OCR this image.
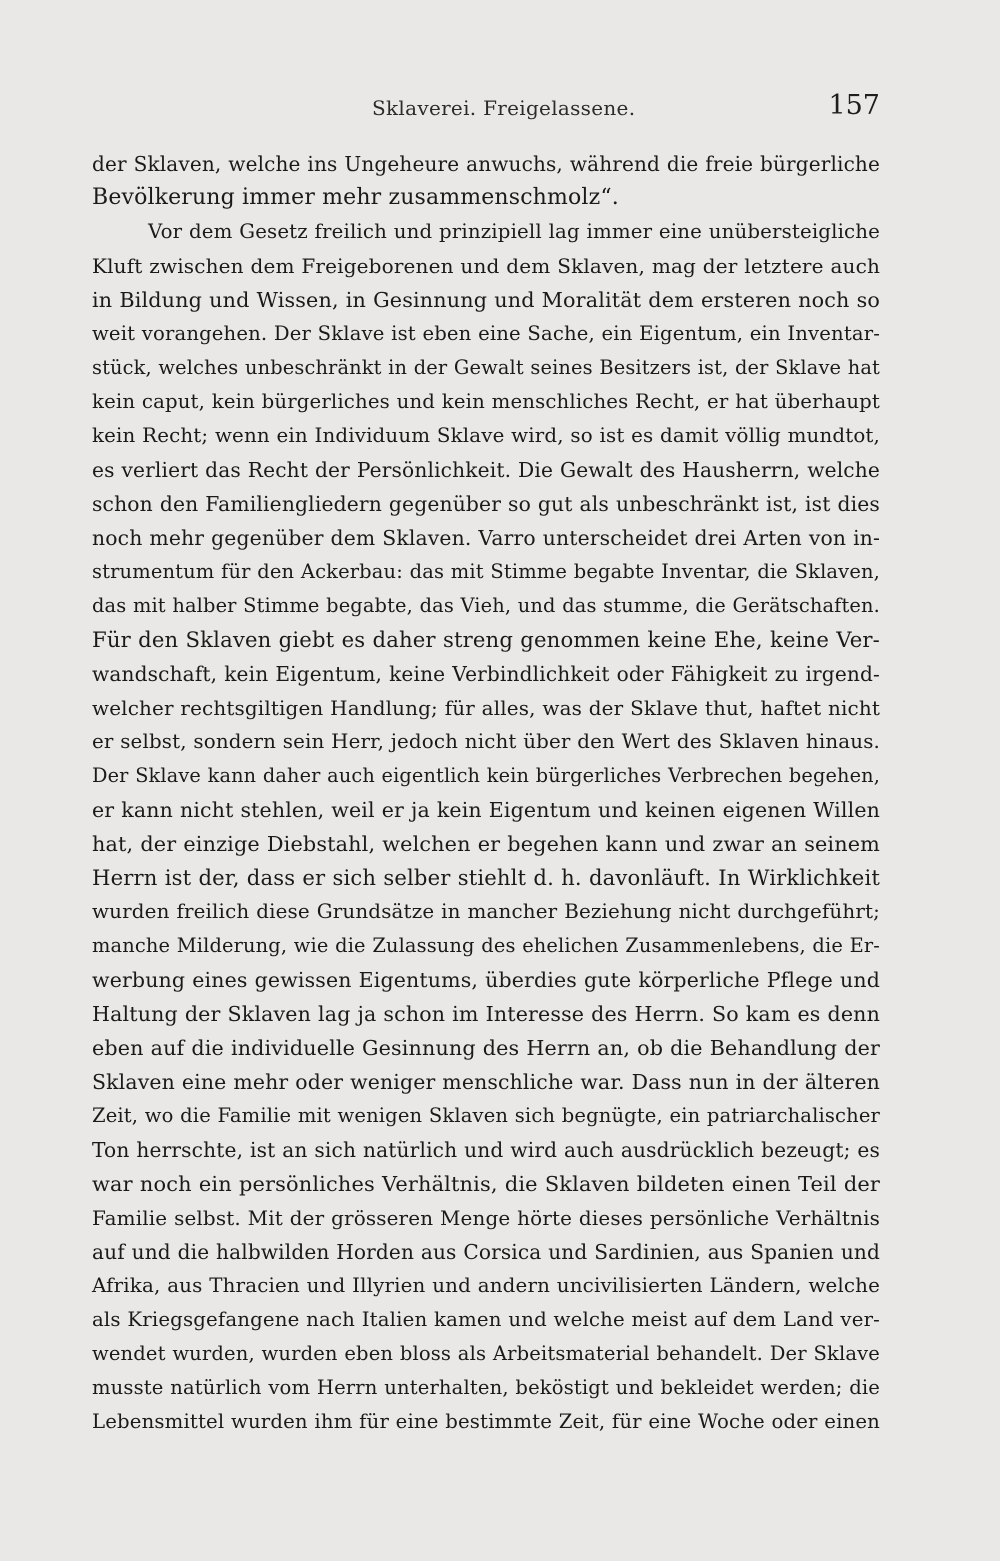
Sklaverei. Freigelassene.	157
der Sklaven, welche ins Ungeheure anwuchs, während die freie bürgerliche
Bevölkerung immer mehr zusammenschmolz“.
Vor dem Gesetz freilich und prinzipiell lag immer eine unübersteigliche
Kluft zwischen dem Freigeborenen und dem Sklaven, mag der letztere auch
in Bildung und Wissen, in Gesinnung und Moralität dem ersteren noch so
weit vorangehen. Der Sklave ist eben eine Sache, ein Eigentum, ein Inventar-
stück, welches unbeschränkt in der Gewalt seines Besitzers ist, der Sklave hat
kein caput, kein bürgerliches und kein menschliches Recht, er hat überhaupt
kein Recht; wenn ein Individuum Sklave wird, so ist es damit völlig mundtot,
es verliert das Recht der Persönlichkeit. Die Gewalt des Hausherrn, welche
schon den Familiengliedern gegenüber so gut als unbeschränkt ist, ist dies
noch mehr gegenüber dem Sklaven. Varro unterscheidet drei Arten von in-
strumentum für den Ackerbau: das mit Stimme begabte Inventar, die Sklaven,
das mit halber Stimme begabte, das Vieh, und das stumme, die Gerätschaften.
Für den Sklaven giebt es daher streng genommen keine Ehe, keine Ver-
wandschaft, kein Eigentum, keine Verbindlichkeit oder Fähigkeit zu irgend-
welcher rechtsgiltigen Handlung; für alles, was der Sklave thut, haftet nicht
er selbst, sondern sein Herr, jedoch nicht über den Wert des Sklaven hinaus.
Der Sklave kann daher auch eigentlich kein bürgerliches Verbrechen begehen,
er kann nicht stehlen, weil er ja kein Eigentum und keinen eigenen Willen
hat, der einzige Diebstahl, welchen er begehen kann und zwar an seinem
Herrn ist der, dass er sich selber stiehlt d. h. davonläuft. In Wirklichkeit
wurden freilich diese Grundsätze in mancher Beziehung nicht durchgeführt;
manche Milderung, wie die Zulassung des ehelichen Zusammenlebens, die Er-
werbung eines gewissen Eigentums, überdies gute körperliche Pflege und
Haltung der Sklaven lag ja schon im Interesse des Herrn. So kam es denn
eben auf die individuelle Gesinnung des Herrn an, ob die Behandlung der
Sklaven eine mehr oder weniger menschliche war. Dass nun in der älteren
Zeit, wo die Familie mit wenigen Sklaven sich begnügte, ein patriarchalischer
Ton herrschte, ist an sich natürlich und wird auch ausdrücklich bezeugt; es
war noch ein persönliches Verhältnis, die Sklaven bildeten einen Teil der
Familie selbst. Mit der grösseren Menge hörte dieses persönliche Verhältnis
auf und die halbwilden Horden aus Corsica und Sardinien, aus Spanien und
Afrika, aus Thracien und Illyrien und andern uncivilisierten Ländern, welche
als Kriegsgefangene nach Italien kamen und welche meist auf dem Land ver-
wendet wurden, wurden eben bloss als Arbeitsmaterial behandelt. Der Sklave
musste natürlich vom Herrn unterhalten, beköstigt und bekleidet werden; die
Lebensmittel wurden ihm für eine bestimmte Zeit, für eine Woche oder einen
